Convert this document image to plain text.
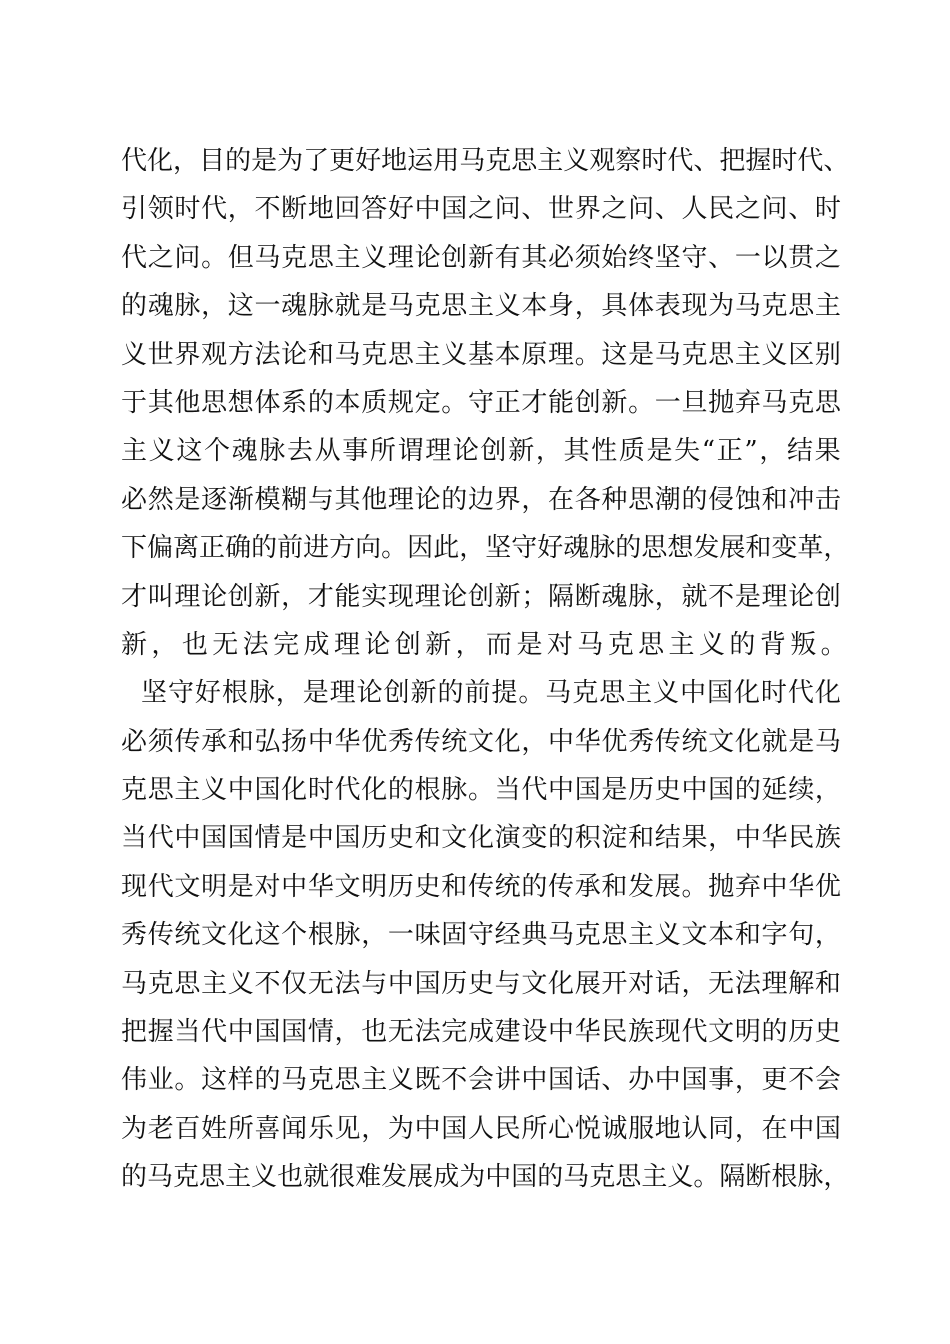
代 化 ， 目 的 是 为 了 更 好 地 运 用 马 克 思 主 义 观 察 时 代 、 把 握 时 代 、
引 领 时 代 ， 不 断 地 回 答 好 中 国 之 问 、 世 界 之 问 、 人 民 之 问 、 时
代 之 问 。 但 马 克 思 主 义 理 论 创 新 有 其 必 须 始 终 坚 守 、 一 以 贯 之
的 魂 脉 ， 这 一 魂 脉 就 是 马 克 思 主 义 本 身 ， 具 体 表 现 为 马 克 思 主
义 世 界 观 方 法 论 和 马 克 思 主 义 基 本 原 理 。 这 是 马 克 思 主 义 区 别
于 其 他 思 想 体 系 的 本 质 规 定 。 守 正 才 能 创 新 。 一 旦 抛 弃 马 克 思
主 义 这 个 魂 脉 去 从 事 所 谓 理 论 创 新 ， 其 性 质 是 失 “ 正 ” ， 结 果
必 然 是 逐 渐 模 糊 与 其 他 理 论 的 边 界 ， 在 各 种 思 潮 的 侵 蚀 和 冲 击
下 偏 离 正 确 的 前 进 方 向 。 因 此 ， 坚 守 好 魂 脉 的 思 想 发 展 和 变 革 ，
才 叫 理 论 创 新 ， 才 能 实 现 理 论 创 新 ； 隔 断 魂 脉 ， 就 不 是 理 论 创
新，也无法完成理论创新，而是对马克思主义的背叛。
坚 守 好 根 脉 ， 是 理 论 创 新 的 前 提 。 马 克 思 主 义 中 国 化 时 代 化
必 须 传 承 和 弘 扬 中 华 优 秀 传 统 文 化 ， 中 华 优 秀 传 统 文 化 就 是 马
克 思 主 义 中 国 化 时 代 化 的 根 脉 。 当 代 中 国 是 历 史 中 国 的 延 续 ，
当 代 中 国 国 情 是 中 国 历 史 和 文 化 演 变 的 积 淀 和 结 果 ， 中 华 民 族
现 代 文 明 是 对 中 华 文 明 历 史 和 传 统 的 传 承 和 发 展 。 抛 弃 中 华 优
秀 传 统 文 化 这 个 根 脉 ， 一 味 固 守 经 典 马 克 思 主 义 文 本 和 字 句 ，
马 克 思 主 义 不 仅 无 法 与 中 国 历 史 与 文 化 展 开 对 话 ， 无 法 理 解 和
把 握 当 代 中 国 国 情 ， 也 无 法 完 成 建 设 中 华 民 族 现 代 文 明 的 历 史
伟 业 。 这 样 的 马 克 思 主 义 既 不 会 讲 中 国 话 、 办 中 国 事 ， 更 不 会
为 老 百 姓 所 喜 闻 乐 见 ， 为 中 国 人 民 所 心 悦 诚 服 地 认 同 ， 在 中 国
的 马 克 思 主 义 也 就 很 难 发 展 成 为 中 国 的 马 克 思 主 义 。 隔 断 根 脉 ，
